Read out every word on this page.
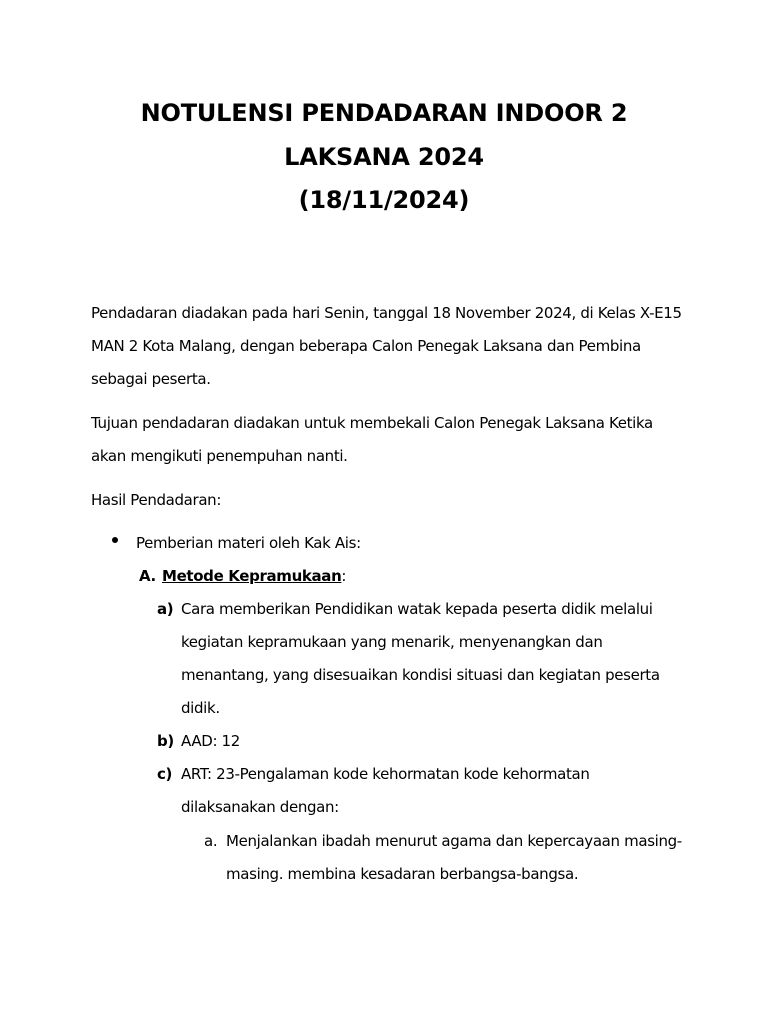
NOTULENSI PENDADARAN INDOOR 2
LAKSANA 2024
(18/11/2024)
Pendadaran diadakan pada hari Senin, tanggal 18 November 2024, di Kelas X-E15
MAN 2 Kota Malang, dengan beberapa Calon Penegak Laksana dan Pembina
sebagai peserta.
Tujuan pendadaran diadakan untuk membekali Calon Penegak Laksana Ketika
akan mengikuti penempuhan nanti.
Hasil Pendadaran:
Pemberian materi oleh Kak Ais:
A. Metode Kepramukaan:
a) Cara memberikan Pendidikan watak kepada peserta didik melalui
kegiatan kepramukaan yang menarik, menyenangkan dan
menantang, yang disesuaikan kondisi situasi dan kegiatan peserta
didik.
b) AAD: 12
c) ART: 23-Pengalaman kode kehormatan kode kehormatan
dilaksanakan dengan:
a. Menjalankan ibadah menurut agama dan kepercayaan masing-
masing. membina kesadaran berbangsa-bangsa.
